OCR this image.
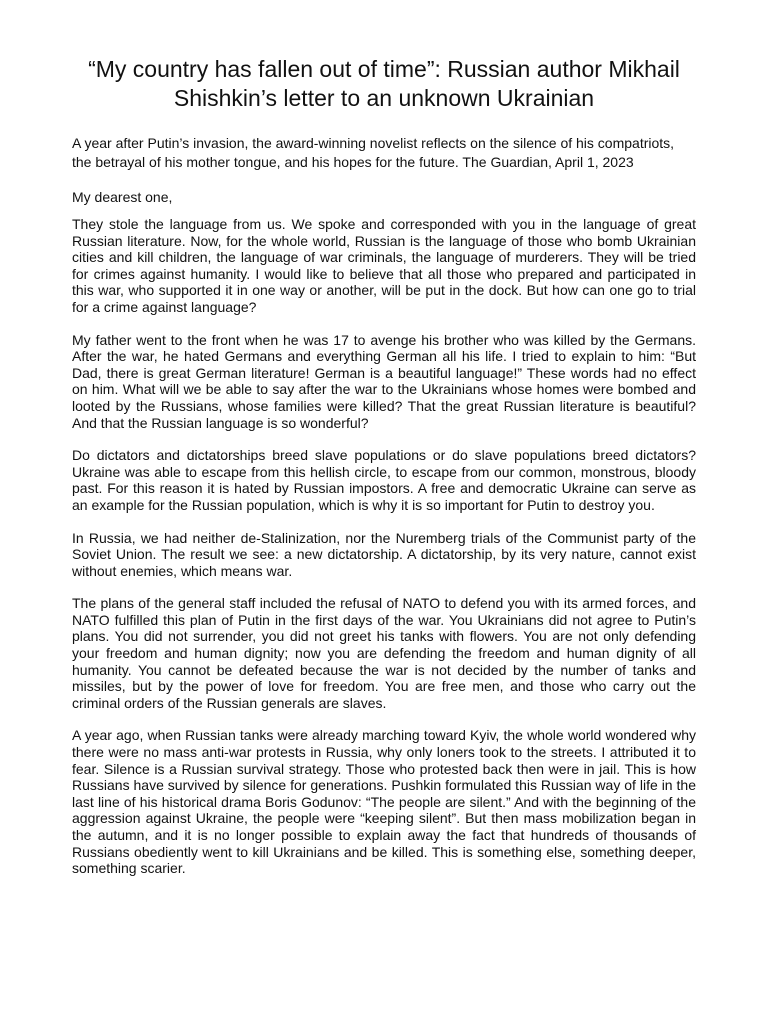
“My country has fallen out of time”: Russian author Mikhail Shishkin’s letter to an unknown Ukrainian

A year after Putin’s invasion, the award-winning novelist reflects on the silence of his compatriots, the betrayal of his mother tongue, and his hopes for the future. The Guardian, April 1, 2023

My dearest one,

They stole the language from us. We spoke and corresponded with you in the language of great Russian literature. Now, for the whole world, Russian is the language of those who bomb Ukrainian cities and kill children, the language of war criminals, the language of murderers. They will be tried for crimes against humanity. I would like to believe that all those who prepared and participated in this war, who supported it in one way or another, will be put in the dock. But how can one go to trial for a crime against language?

My father went to the front when he was 17 to avenge his brother who was killed by the Germans. After the war, he hated Germans and everything German all his life. I tried to explain to him: “But Dad, there is great German literature! German is a beautiful language!” These words had no effect on him. What will we be able to say after the war to the Ukrainians whose homes were bombed and looted by the Russians, whose families were killed? That the great Russian literature is beautiful? And that the Russian language is so wonderful?

Do dictators and dictatorships breed slave populations or do slave populations breed dictators? Ukraine was able to escape from this hellish circle, to escape from our common, monstrous, bloody past. For this reason it is hated by Russian impostors. A free and democratic Ukraine can serve as an example for the Russian population, which is why it is so important for Putin to destroy you.

In Russia, we had neither de-Stalinization, nor the Nuremberg trials of the Communist party of the Soviet Union. The result we see: a new dictatorship. A dictatorship, by its very nature, cannot exist without enemies, which means war.

The plans of the general staff included the refusal of NATO to defend you with its armed forces, and NATO fulfilled this plan of Putin in the first days of the war. You Ukrainians did not agree to Putin’s plans. You did not surrender, you did not greet his tanks with flowers. You are not only defending your freedom and human dignity; now you are defending the freedom and human dignity of all humanity. You cannot be defeated because the war is not decided by the number of tanks and missiles, but by the power of love for freedom. You are free men, and those who carry out the criminal orders of the Russian generals are slaves.

A year ago, when Russian tanks were already marching toward Kyiv, the whole world wondered why there were no mass anti-war protests in Russia, why only loners took to the streets. I attributed it to fear. Silence is a Russian survival strategy. Those who protested back then were in jail. This is how Russians have survived by silence for generations. Pushkin formulated this Russian way of life in the last line of his historical drama Boris Godunov: “The people are silent.” And with the beginning of the aggression against Ukraine, the people were “keeping silent”. But then mass mobilization began in the autumn, and it is no longer possible to explain away the fact that hundreds of thousands of Russians obediently went to kill Ukrainians and be killed. This is something else, something deeper, something scarier.
